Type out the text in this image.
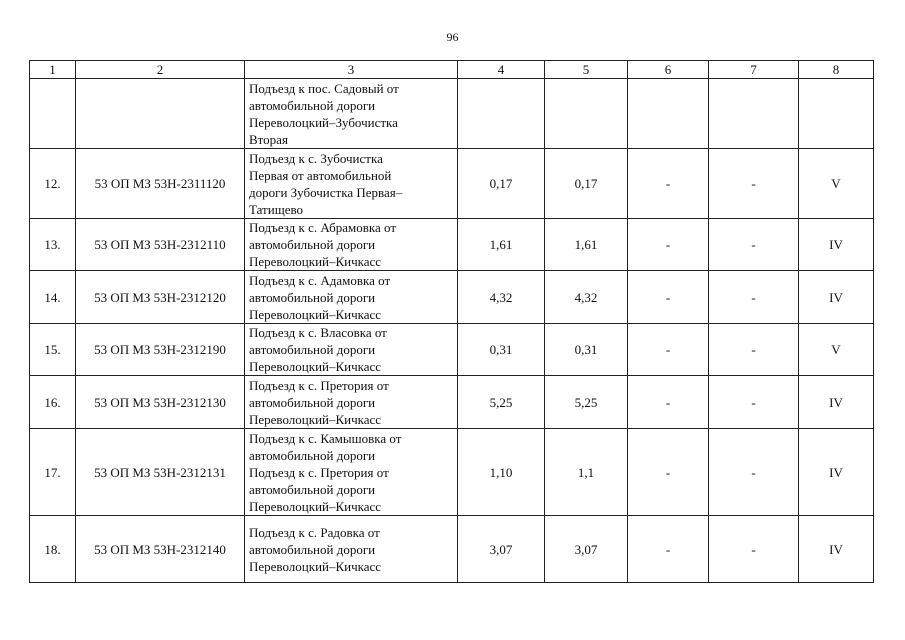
96
1	2	3	4	5	6	7	8

		Подъезд к пос. Садовый от
автомобильной дороги
Переволоцкий–Зубочистка
Вторая					

12.	53 ОП МЗ 53Н-2311120	Подъезд к с. Зубочистка
Первая от автомобильной
дороги Зубочистка Первая–
Татищево	0,17	0,17	-	-	V
13.	53 ОП МЗ 53Н-2312110	Подъезд к с. Абрамовка от
автомобильной дороги
Переволоцкий–Кичкасс	1,61	1,61	-	-	IV
14.	53 ОП МЗ 53Н-2312120	Подъезд к с. Адамовка от
автомобильной дороги
Переволоцкий–Кичкасс	4,32	4,32	-	-	IV
15.	53 ОП МЗ 53Н-2312190	Подъезд к с. Власовка от
автомобильной дороги
Переволоцкий–Кичкасс	0,31	0,31	-	-	V
16.	53 ОП МЗ 53Н-2312130	Подъезд к с. Претория от
автомобильной дороги
Переволоцкий–Кичкасс	5,25	5,25	-	-	IV
17.	53 ОП МЗ 53Н-2312131	Подъезд к с. Камышовка от
автомобильной дороги
Подъезд к с. Претория от
автомобильной дороги
Переволоцкий–Кичкасс	1,10	1,1	-	-	IV
18.	53 ОП МЗ 53Н-2312140	Подъезд к с. Радовка от
автомобильной дороги
Переволоцкий–Кичкасс	3,07	3,07	-	-	IV
